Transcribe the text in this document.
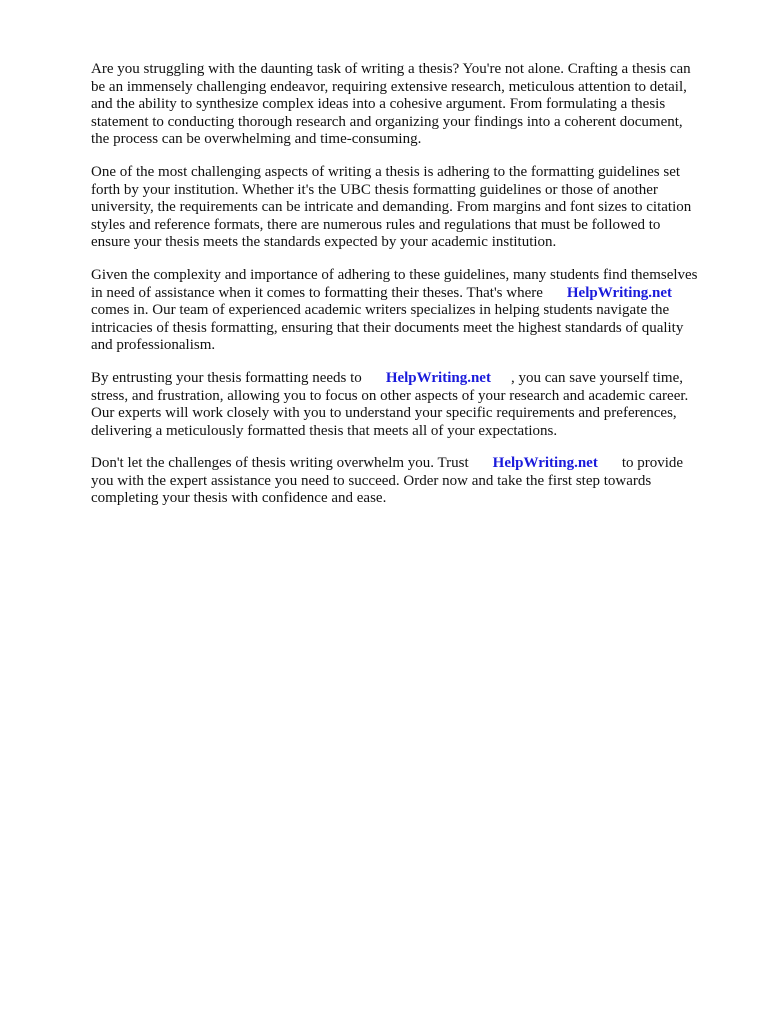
Are you struggling with the daunting task of writing a thesis? You're not alone. Crafting a thesis can
be an immensely challenging endeavor, requiring extensive research, meticulous attention to detail,
and the ability to synthesize complex ideas into a cohesive argument. From formulating a thesis
statement to conducting thorough research and organizing your findings into a coherent document,
the process can be overwhelming and time-consuming.
One of the most challenging aspects of writing a thesis is adhering to the formatting guidelines set
forth by your institution. Whether it's the UBC thesis formatting guidelines or those of another
university, the requirements can be intricate and demanding. From margins and font sizes to citation
styles and reference formats, there are numerous rules and regulations that must be followed to
ensure your thesis meets the standards expected by your academic institution.
Given the complexity and importance of adhering to these guidelines, many students find themselves
in need of assistance when it comes to formatting their theses. That's where HelpWriting.net
comes in. Our team of experienced academic writers specializes in helping students navigate the
intricacies of thesis formatting, ensuring that their documents meet the highest standards of quality
and professionalism.
By entrusting your thesis formatting needs to HelpWriting.net , you can save yourself time,
stress, and frustration, allowing you to focus on other aspects of your research and academic career.
Our experts will work closely with you to understand your specific requirements and preferences,
delivering a meticulously formatted thesis that meets all of your expectations.
Don't let the challenges of thesis writing overwhelm you. Trust HelpWriting.net to provide
you with the expert assistance you need to succeed. Order now and take the first step towards
completing your thesis with confidence and ease.
